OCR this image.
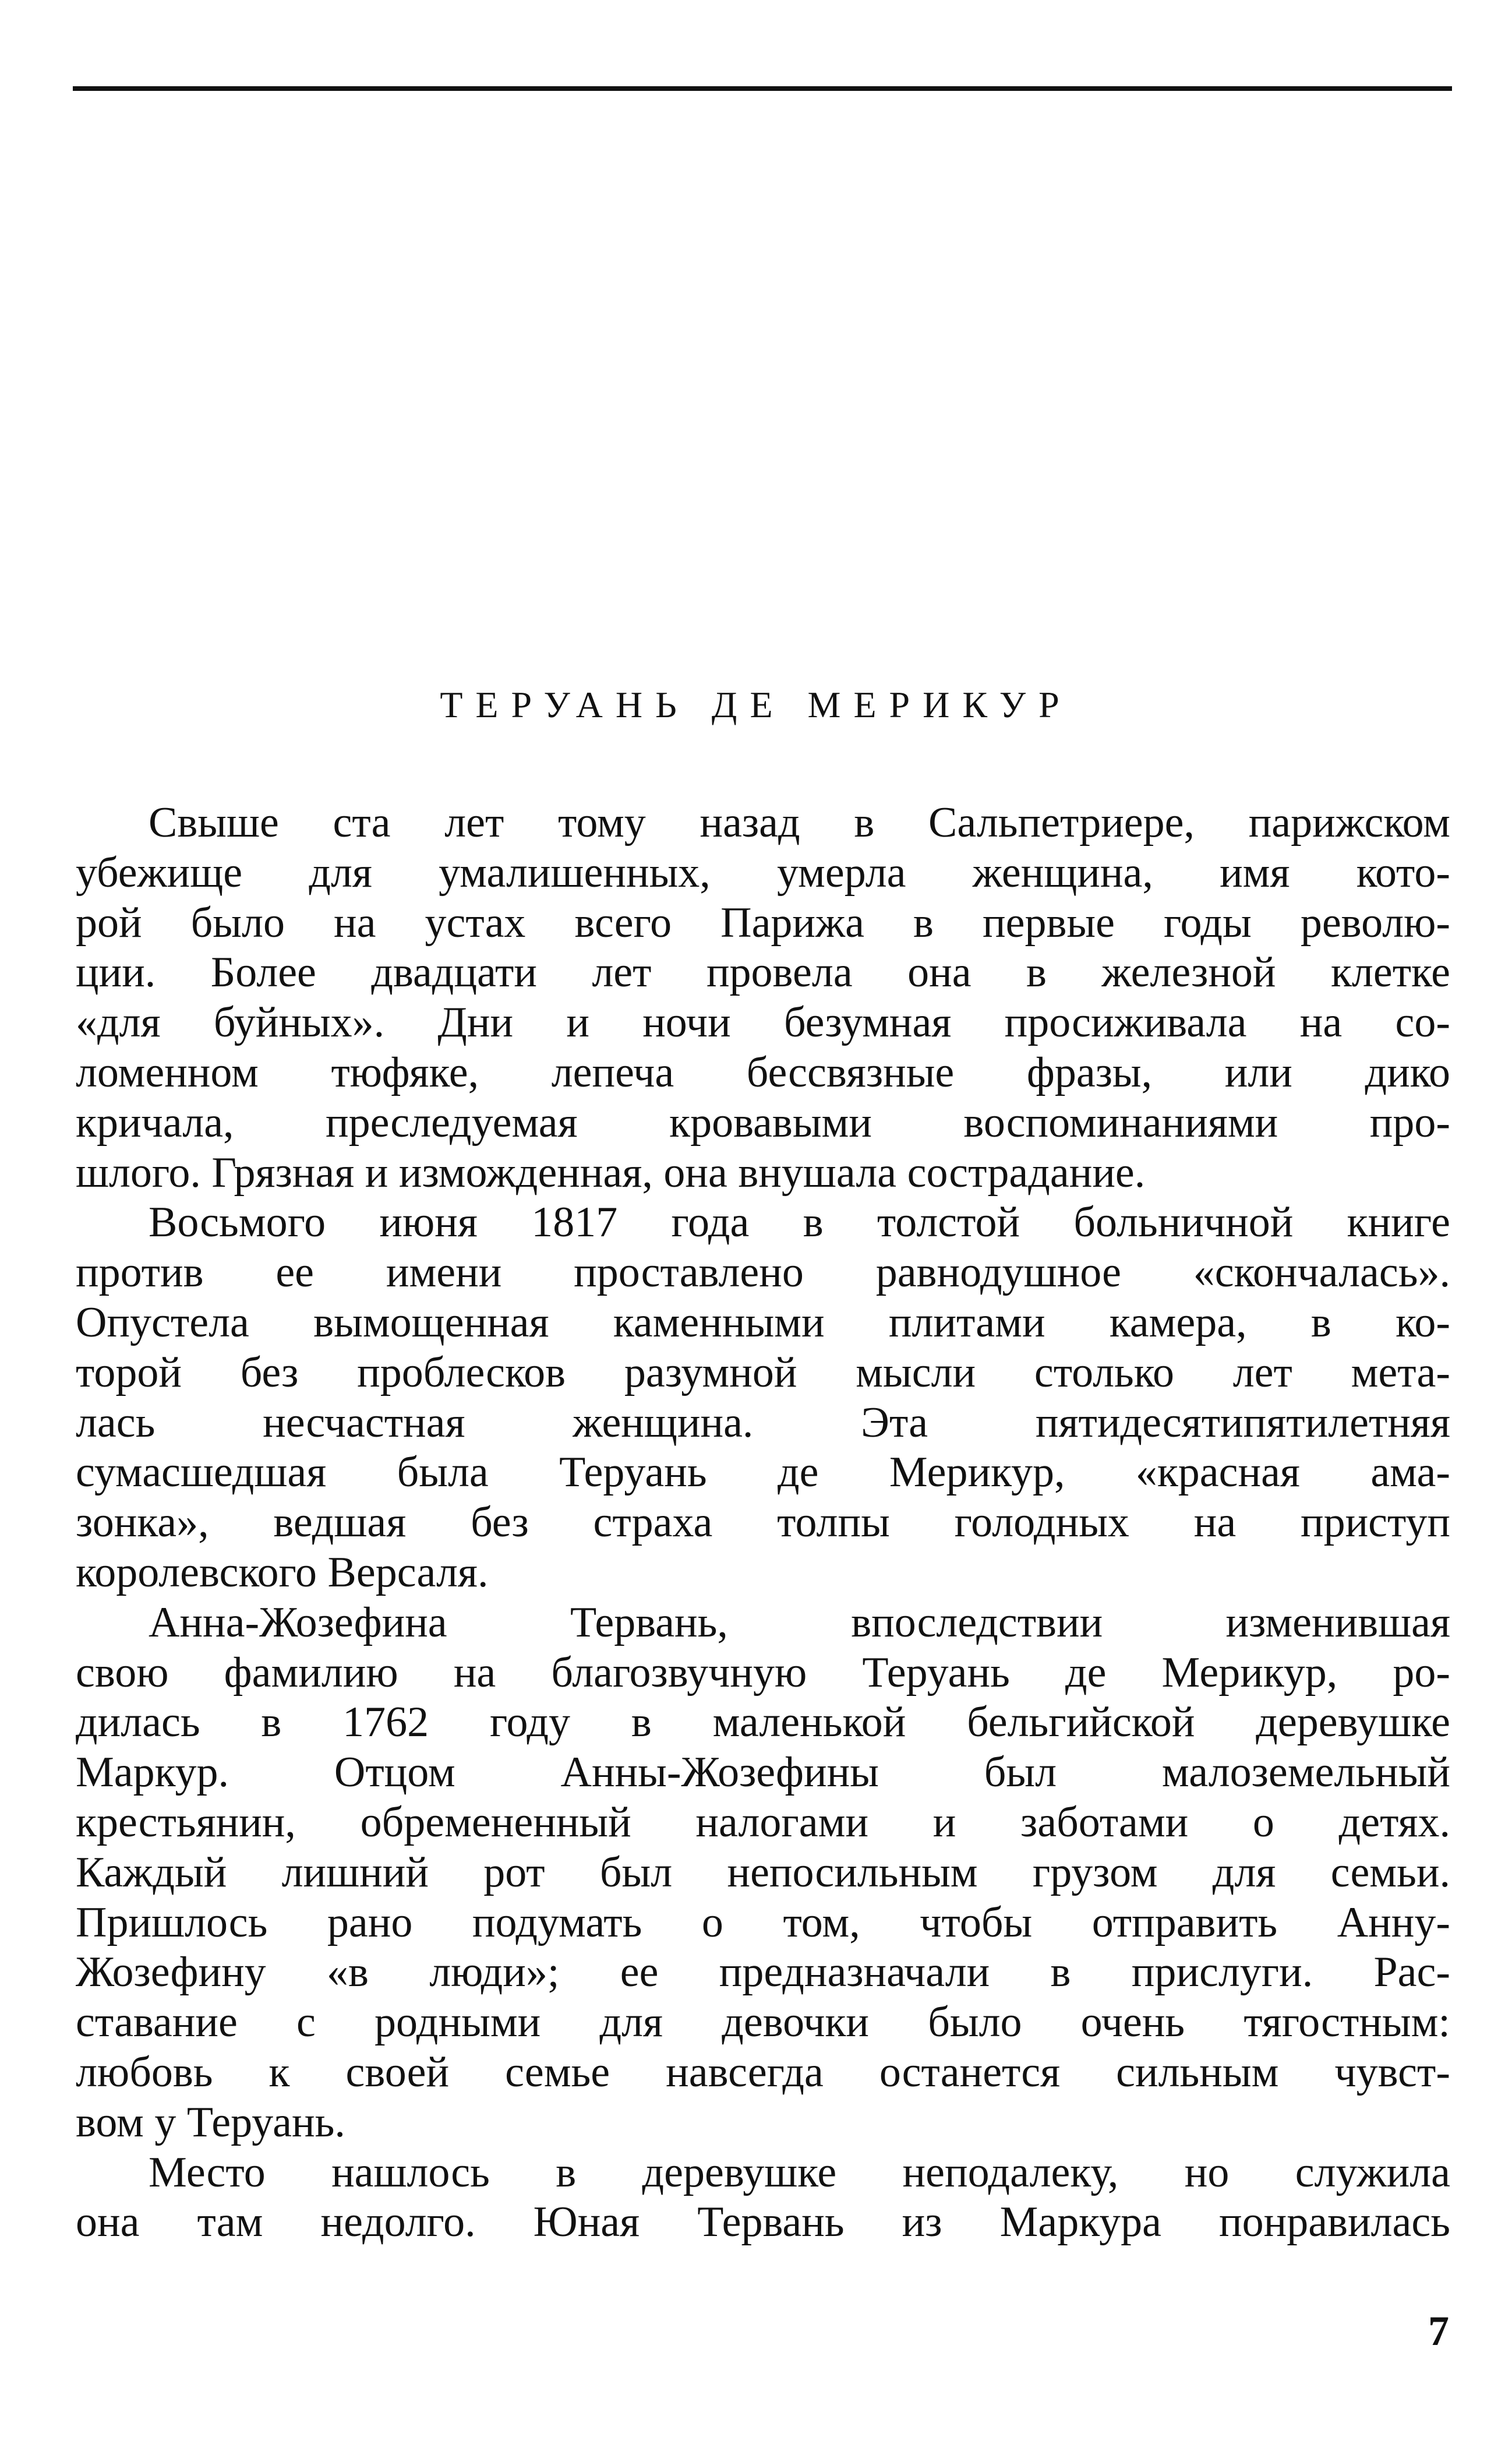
ТЕРУАНЬ ДЕ МЕРИКУР
Свыше ста лет тому назад в Сальпетриере, парижском
убежище для умалишенных, умерла женщина, имя кото-
рой было на устах всего Парижа в первые годы револю-
ции. Более двадцати лет провела она в железной клетке
«для буйных». Дни и ночи безумная просиживала на со-
ломенном тюфяке, лепеча бессвязные фразы, или дико
кричала, преследуемая кровавыми воспоминаниями про-
шлого. Грязная и изможденная, она внушала сострадание.
Восьмого июня 1817 года в толстой больничной книге
против ее имени проставлено равнодушное «скончалась».
Опустела вымощенная каменными плитами камера, в ко-
торой без проблесков разумной мысли столько лет мета-
лась несчастная женщина. Эта пятидесятипятилетняя
сумасшедшая была Теруань де Мерикур, «красная ама-
зонка», ведшая без страха толпы голодных на приступ
королевского Версаля.
Анна-Жозефина Тервань, впоследствии изменившая
свою фамилию на благозвучную Теруань де Мерикур, ро-
дилась в 1762 году в маленькой бельгийской деревушке
Маркур. Отцом Анны-Жозефины был малоземельный
крестьянин, обремененный налогами и заботами о детях.
Каждый лишний рот был непосильным грузом для семьи.
Пришлось рано подумать о том, чтобы отправить Анну-
Жозефину «в люди»; ее предназначали в прислуги. Рас-
ставание с родными для девочки было очень тягостным:
любовь к своей семье навсегда останется сильным чувст-
вом у Теруань.
Место нашлось в деревушке неподалеку, но служила
она там недолго. Юная Тервань из Маркура понравилась
7
